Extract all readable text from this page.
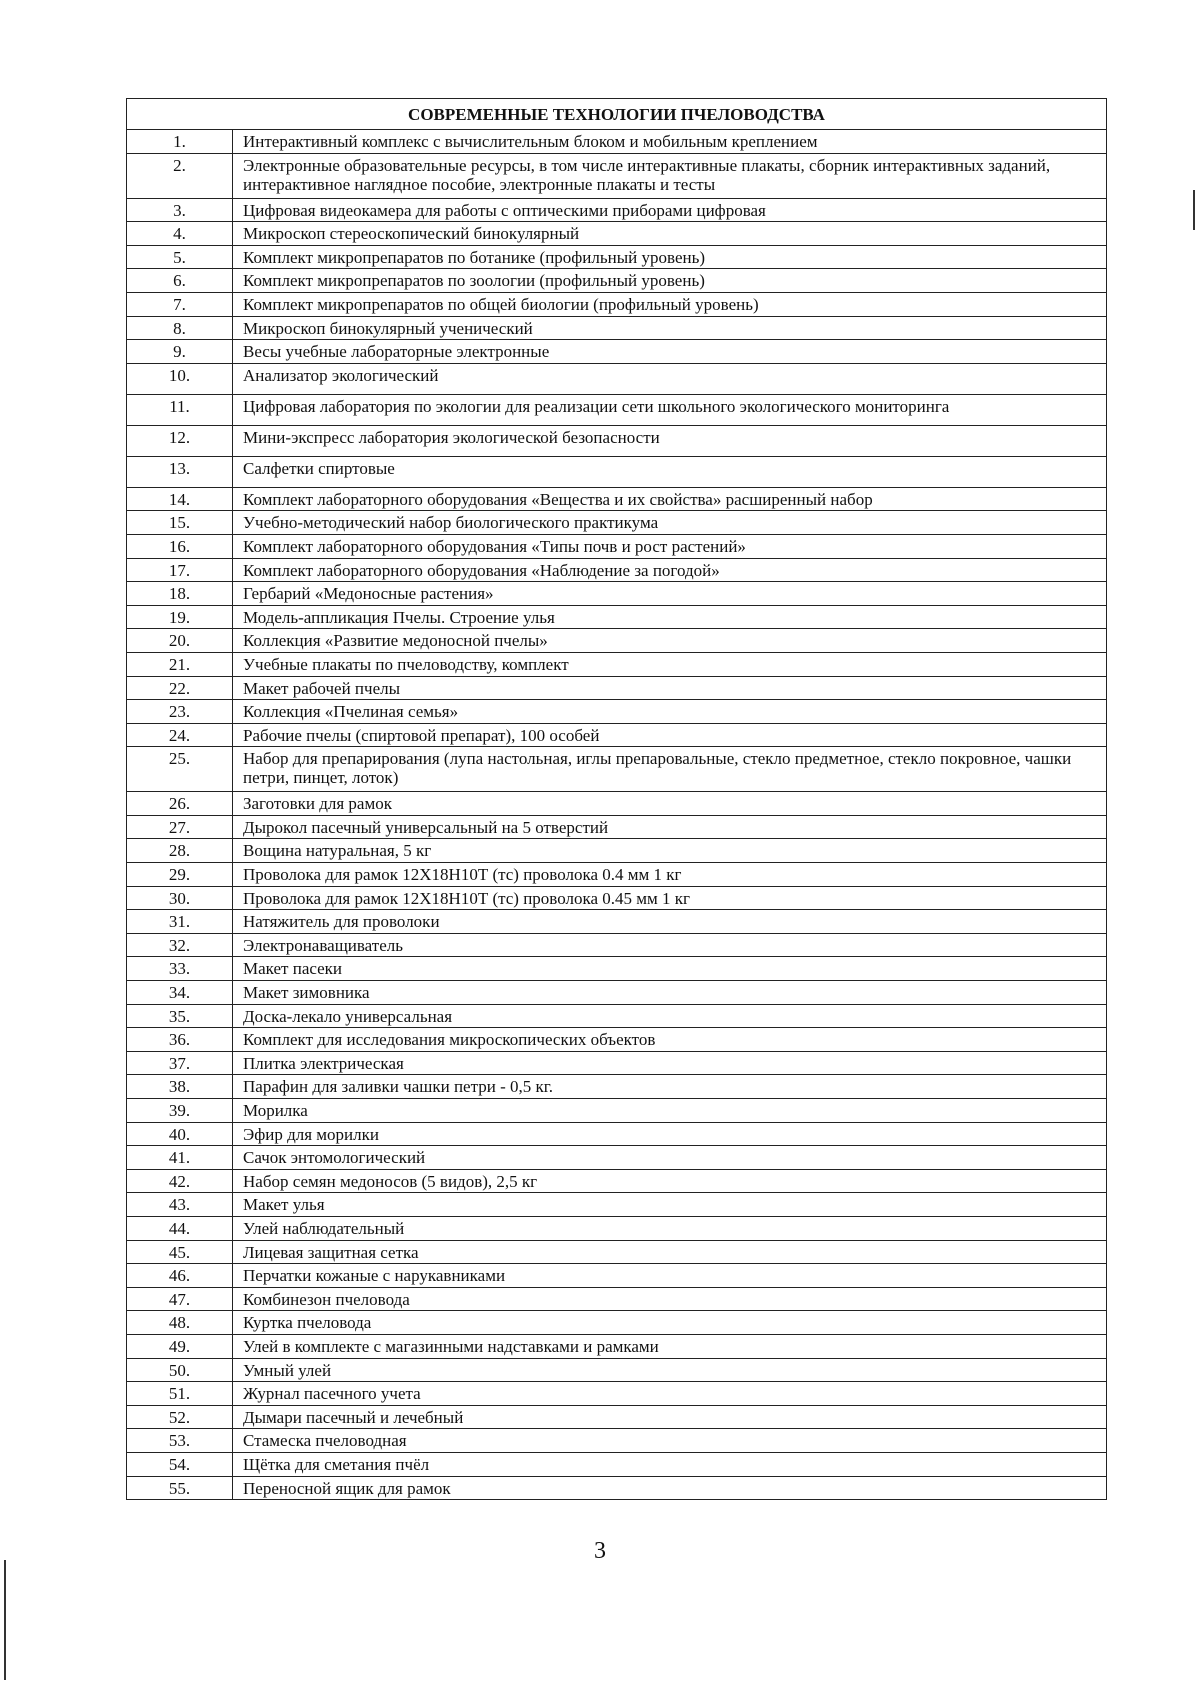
СОВРЕМЕННЫЕ ТЕХНОЛОГИИ ПЧЕЛОВОДСТВА	
1.	Интерактивный комплекс с вычислительным блоком и мобильным креплением
2.	Электронные образовательные ресурсы, в том числе интерактивные плакаты, сборник интерактивных заданий, интерактивное наглядное пособие, электронные плакаты и тесты
3.	Цифровая видеокамера для работы с оптическими приборами цифровая
4.	Микроскоп стереоскопический бинокулярный
5.	Комплект микропрепаратов по ботанике (профильный уровень)
6.	Комплект микропрепаратов по зоологии (профильный уровень)
7.	Комплект микропрепаратов по общей биологии (профильный уровень)
8.	Микроскоп бинокулярный ученический
9.	Весы учебные лабораторные электронные
10.	Анализатор экологический
11.	Цифровая лаборатория по экологии для реализации сети школьного экологического мониторинга
12.	Мини-экспресс лаборатория экологической безопасности
13.	Салфетки спиртовые
14.	Комплект лабораторного оборудования «Вещества и их свойства» расширенный набор
15.	Учебно-методический набор биологического практикума
16.	Комплект лабораторного оборудования «Типы почв и рост растений»
17.	Комплект лабораторного оборудования «Наблюдение за погодой»
18.	Гербарий «Медоносные растения»
19.	Модель-аппликация Пчелы. Строение улья
20.	Коллекция «Развитие медоносной пчелы»
21.	Учебные плакаты по пчеловодству, комплект
22.	Макет рабочей пчелы
23.	Коллекция «Пчелиная семья»
24.	Рабочие пчелы (спиртовой препарат), 100 особей
25.	Набор для препарирования (лупа настольная, иглы препаровальные, стекло предметное, стекло покровное, чашки петри, пинцет, лоток)
26.	Заготовки для рамок
27.	Дырокол пасечный универсальный на 5 отверстий
28.	Вощина натуральная, 5 кг
29.	Проволока для рамок 12Х18Н10Т (тс) проволока 0.4 мм 1 кг
30.	Проволока для рамок 12Х18Н10Т (тс) проволока 0.45 мм 1 кг
31.	Натяжитель для проволоки
32.	Электронаващиватель
33.	Макет пасеки
34.	Макет зимовника
35.	Доска-лекало универсальная
36.	Комплект для исследования микроскопических объектов
37.	Плитка электрическая
38.	Парафин для заливки чашки петри - 0,5 кг.
39.	Морилка
40.	Эфир для морилки
41.	Сачок энтомологический
42.	Набор семян медоносов (5 видов), 2,5 кг
43.	Макет улья
44.	Улей наблюдательный
45.	Лицевая защитная сетка
46.	Перчатки кожаные с нарукавниками
47.	Комбинезон пчеловода
48.	Куртка пчеловода
49.	Улей в комплекте с магазинными надставками и рамками
50.	Умный улей
51.	Журнал пасечного учета
52.	Дымари пасечный и лечебный
53.	Стамеска пчеловодная
54.	Щётка для сметания пчёл
55.	Переносной ящик для рамок
3
